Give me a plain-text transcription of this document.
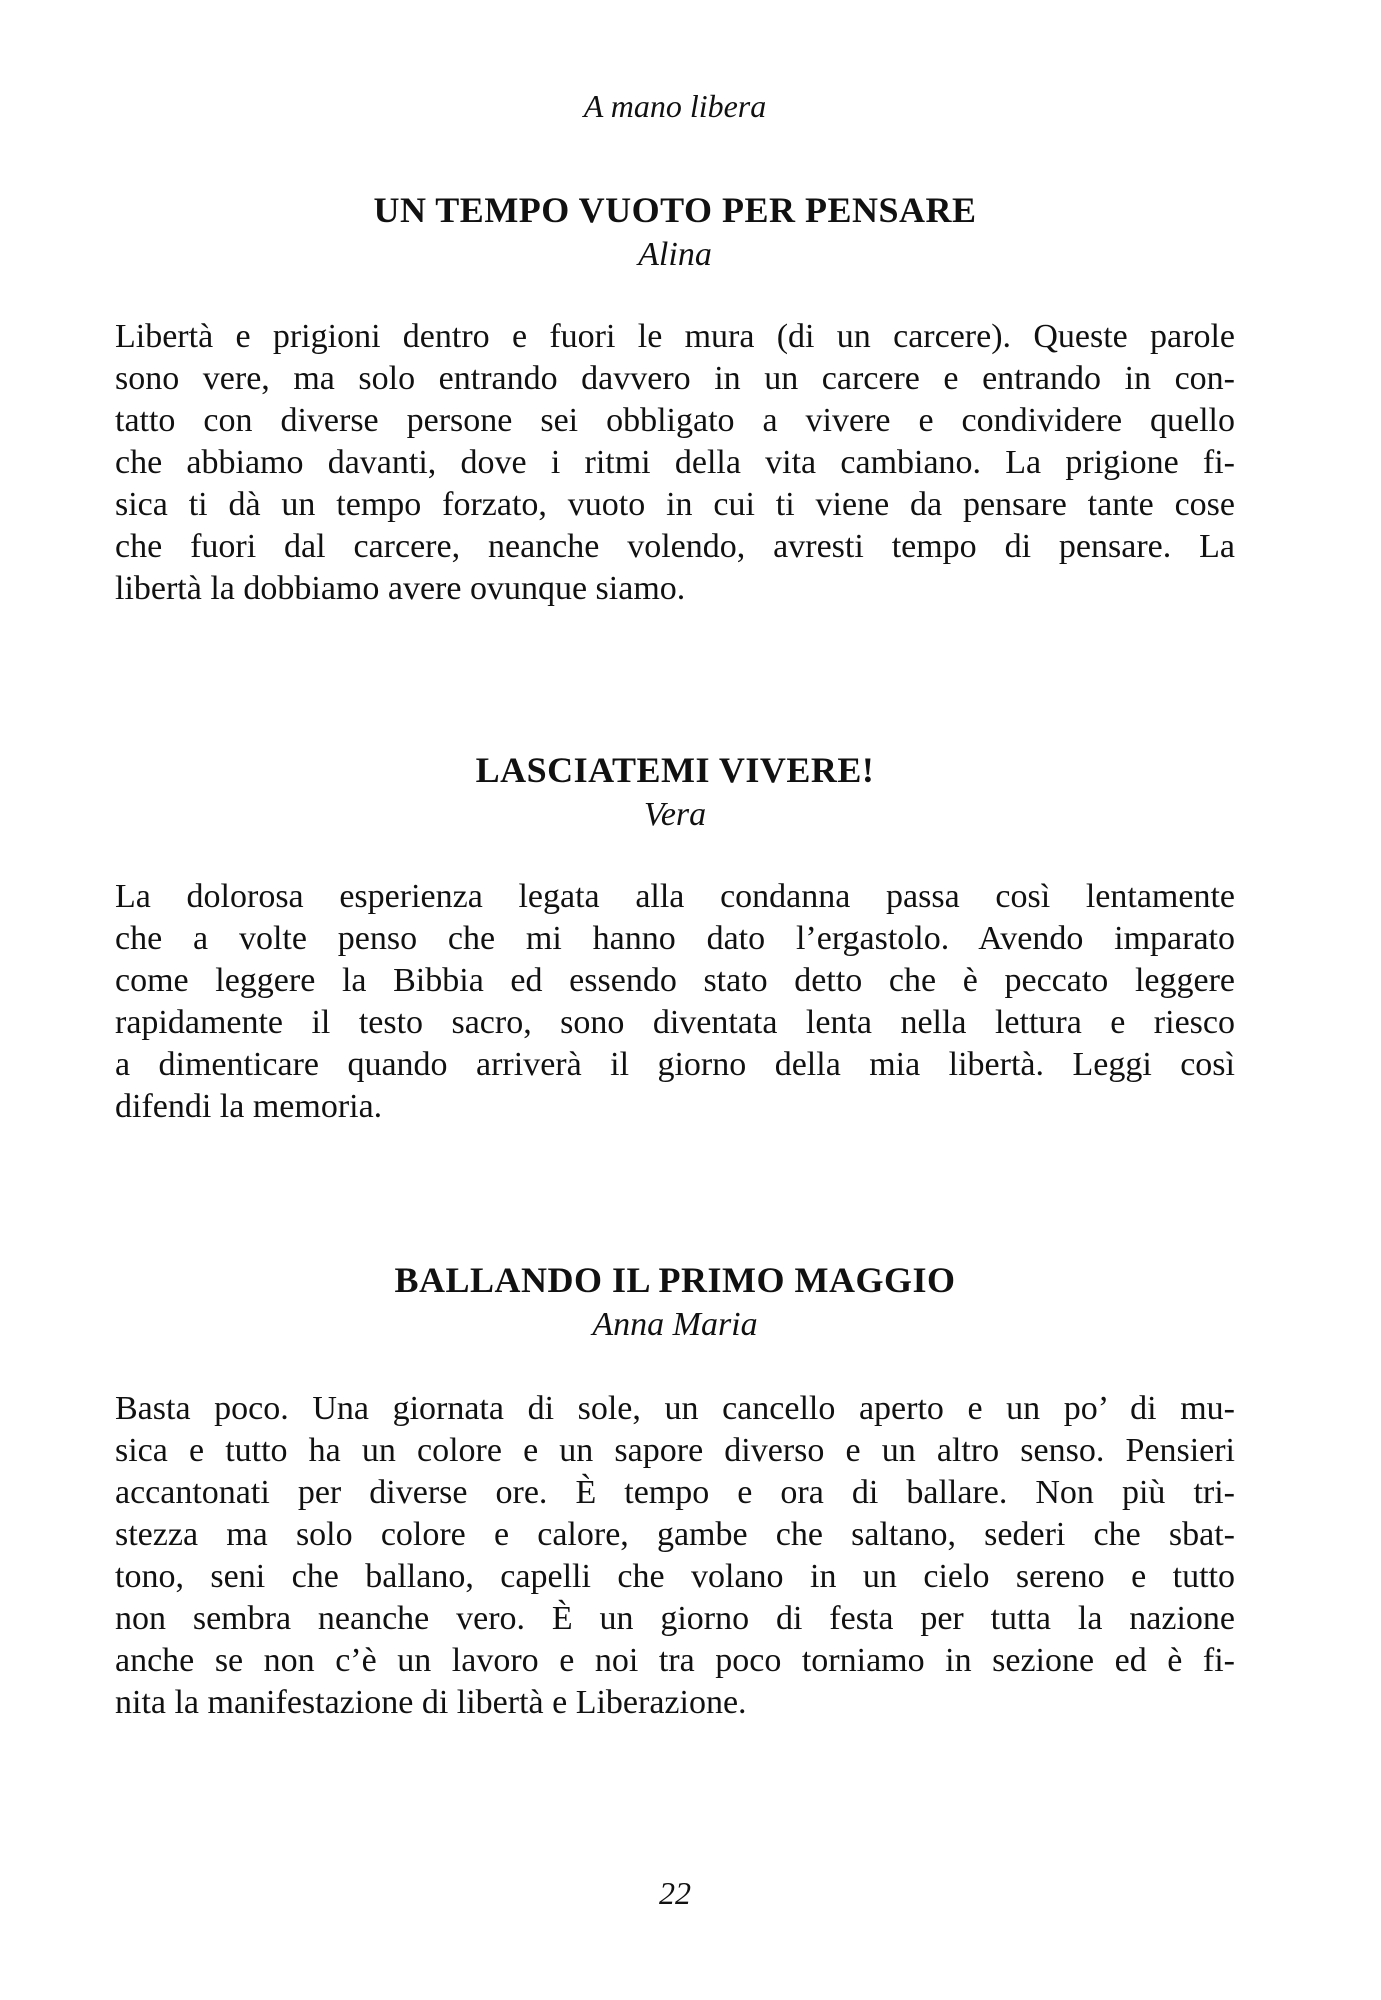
A mano libera
UN TEMPO VUOTO PER PENSARE
Alina
Libertà e prigioni dentro e fuori le mura (di un carcere). Queste parole
sono vere, ma solo entrando davvero in un carcere e entrando in con-
tatto con diverse persone sei obbligato a vivere e condividere quello
che abbiamo davanti, dove i ritmi della vita cambiano. La prigione fi-
sica ti dà un tempo forzato, vuoto in cui ti viene da pensare tante cose
che fuori dal carcere, neanche volendo, avresti tempo di pensare. La
libertà la dobbiamo avere ovunque siamo.
LASCIATEMI VIVERE!
Vera
La dolorosa esperienza legata alla condanna passa così lentamente
che a volte penso che mi hanno dato l’ergastolo. Avendo imparato
come leggere la Bibbia ed essendo stato detto che è peccato leggere
rapidamente il testo sacro, sono diventata lenta nella lettura e riesco
a dimenticare quando arriverà il giorno della mia libertà. Leggi così
difendi la memoria.
BALLANDO IL PRIMO MAGGIO
Anna Maria
Basta poco. Una giornata di sole, un cancello aperto e un po’ di mu-
sica e tutto ha un colore e un sapore diverso e un altro senso. Pensieri
accantonati per diverse ore. È tempo e ora di ballare. Non più tri-
stezza ma solo colore e calore, gambe che saltano, sederi che sbat-
tono, seni che ballano, capelli che volano in un cielo sereno e tutto
non sembra neanche vero. È un giorno di festa per tutta la nazione
anche se non c’è un lavoro e noi tra poco torniamo in sezione ed è fi-
nita la manifestazione di libertà e Liberazione.
22
